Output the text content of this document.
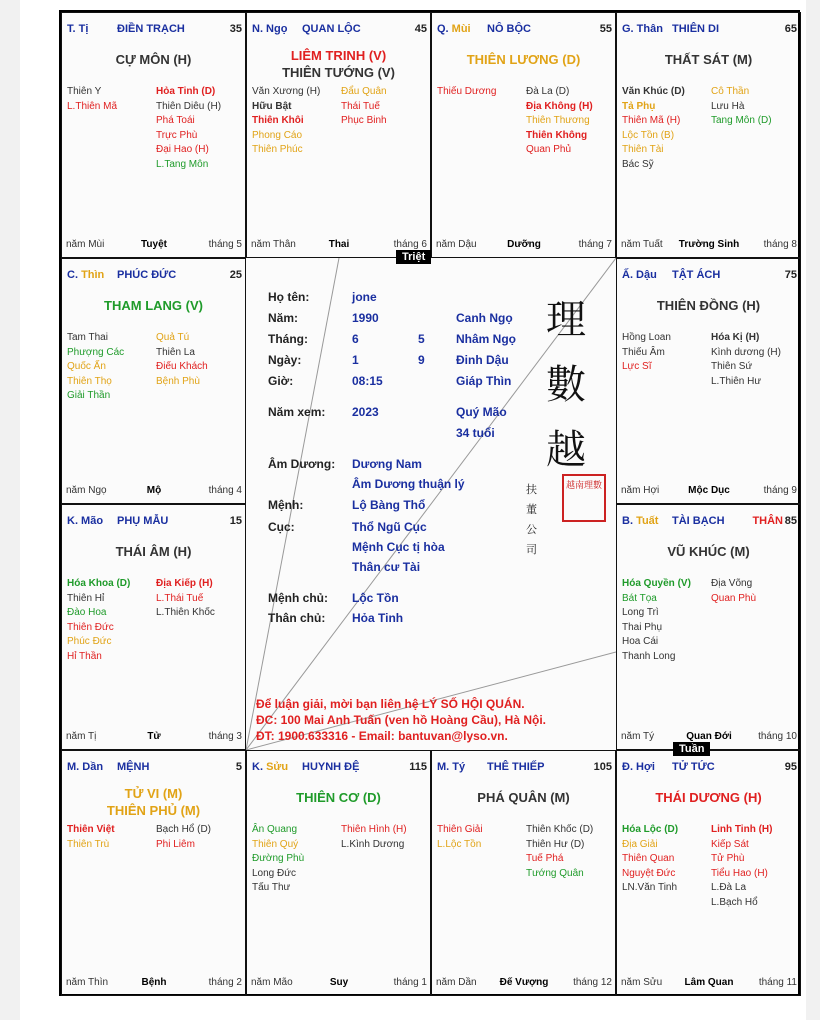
T. Tị	ĐIỀN TRẠCH	35
CỰ MÔN (H)
Thiên Y
L.Thiên Mã
Hỏa Tinh (D)
Thiên Diêu (H)
Phá Toái
Trực Phù
Đại Hao (H)
L.Tang Môn
năm Mùi	Tuyệt	tháng 5
N. Ngọ QUAN LỘC	45
LIÊM TRINH (V)
THIÊN TƯỚNG (V)
Văn Xương (H)
Hữu Bật
Thiên Khôi
Phong Cáo
Thiên Phúc
Đẩu Quân
Thái Tuế
Phục Binh
năm Thân	Thai	tháng 6
Q. Mùi NÔ BỘC	55
THIÊN LƯƠNG (D)
Thiếu Dương	Đà La (D)
Địa Không (H)
Thiên Thương
Thiên Không
Quan Phủ
năm Dậu	Dưỡng	tháng 7
G. Thân THIÊN DI	65
THẤT SÁT (M)
Văn Khúc (D)
Tả Phụ
Thiên Mã (H)
Lộc Tồn (B)
Thiên Tài
Bác Sỹ
Cô Thần
Lưu Hà
Tang Môn (D)
năm Tuất Trường Sinh tháng 8
C. Thìn PHÚC ĐỨC	25
THAM LANG (V)
Tam Thai
Phượng Các
Quốc Ấn
Thiên Thọ
Giải Thần
Quả Tú
Thiên La
Điếu Khách
Bệnh Phù
năm Ngọ	Mộ	tháng 4
Ấ. Dậu TẬT ÁCH	75
THIÊN ĐỒNG (H)
Hồng Loan
Thiếu Âm
Lực Sĩ
Hóa Kị (H)
Kình dương (H)
Thiên Sứ
L.Thiên Hư
năm Hợi	Mộc Dục	tháng 9
K. Mão PHỤ MẪU	15
THÁI ÂM (H)
Hóa Khoa (D)
Thiên Hỉ
Đào Hoa
Thiên Đức
Phúc Đức
Hỉ Thần
Địa Kiếp (H)
L.Thái Tuế
L.Thiên Khốc
năm Tị	Tử	tháng 3
B. Tuất TÀI BẠCH	THÂN 85
VŨ KHÚC (M)
Hóa Quyền (V)
Bát Tọa
Long Trì
Thai Phụ
Hoa Cái
Thanh Long
Địa Võng
Quan Phù
năm Tý	Quan Đới	tháng 10
M. Dần MỆNH	5
TỬ VI (M)
THIÊN PHỦ (M)
Thiên Việt
Thiên Trù
Bạch Hổ (D)
Phi Liêm
năm Thìn	Bệnh	tháng 2
K. Sửu HUYNH ĐỆ	115
THIÊN CƠ (D)
Ân Quang
Thiên Quý
Đường Phù
Long Đức
Tấu Thư
Thiên Hình (H)
L.Kình Dương
năm Mão	Suy	tháng 1
M. Tý THÊ THIẾP	105
PHÁ QUÂN (M)
Thiên Giải
L.Lộc Tồn
Thiên Khốc (D)
Thiên Hư (D)
Tuế Phá
Tướng Quân
năm Dần Đế Vượng tháng 12
Đ. Hợi TỬ TỨC	95
THÁI DƯƠNG (H)
Hóa Lộc (D)
Địa Giải
Thiên Quan
Nguyệt Đức
LN.Văn Tinh
Linh Tinh (H)
Kiếp Sát
Tử Phù
Tiểu Hao (H)
L.Đà La
L.Bạch Hổ
năm Sửu Lâm Quan	tháng 11
Họ tên:	jone
Năm:	1990	Canh Ngọ
Tháng:	6	5	Nhâm Ngọ
Ngày:	1	9	Đinh Dậu
Giờ:	08:15	Giáp Thìn
Năm xem: 2023	Quý Mão
34 tuổi
Âm Dương: Dương Nam
Âm Dương thuận lý
Mệnh:	Lộ Bàng Thổ
Cục:	Thổ Ngũ Cục
Mệnh Cục tị hòa
Thân cư Tài
Mệnh chủ: Lộc Tồn
Thân chủ: Hỏa Tinh
理
數
越
扶董公司
越南理數
Để luận giải, mời bạn liên hệ LÝ SỐ HỘI QUÁN.
ĐC: 100 Mai Anh Tuấn (ven hồ Hoàng Cầu), Hà Nội.
ĐT: 1900.633316 - Email: bantuvan@lyso.vn.
Triệt
Tuần
